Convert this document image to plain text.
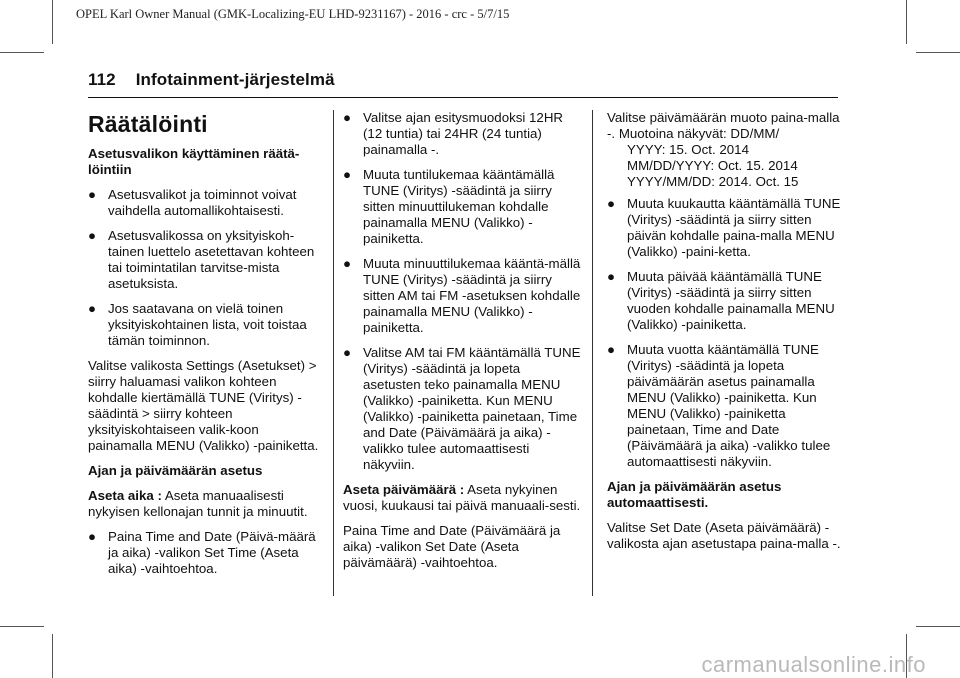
OPEL Karl Owner Manual (GMK-Localizing-EU LHD-9231167) - 2016 - crc - 5/7/15
112 Infotainment-järjestelmä

Räätälöinti

Asetusvalikon käyttäminen räätä-löintiin

● Asetusvalikot ja toiminnot voivat vaihdella automallikohtaisesti.
● Asetusvalikossa on yksityiskoh-tainen luettelo asetettavan kohteen tai toimintatilan tarvitse-mista asetuksista.
● Jos saatavana on vielä toinen yksityiskohtainen lista, voit toistaa tämän toiminnon.

Valitse valikosta Settings (Asetukset) > siirry haluamasi valikon kohteen kohdalle kiertämällä TUNE (Viritys) -säädintä > siirry kohteen yksityiskohtaiseen valik-koon painamalla MENU (Valikko) -painiketta.

Ajan ja päivämäärän asetus

Aseta aika : Aseta manuaalisesti nykyisen kellonajan tunnit ja minuutit.

● Paina Time and Date (Päivä-määrä ja aika) -valikon Set Time (Aseta aika) -vaihtoehtoa.
● Valitse ajan esitysmuodoksi 12HR (12 tuntia) tai 24HR (24 tuntia) painamalla -.
● Muuta tuntilukemaa kääntämällä TUNE (Viritys) -säädintä ja siirry sitten minuuttilukeman kohdalle painamalla MENU (Valikko) -painiketta.
● Muuta minuuttilukemaa kääntä-mällä TUNE (Viritys) -säädintä ja siirry sitten AM tai FM -asetuksen kohdalle painamalla MENU (Valikko) -painiketta.
● Valitse AM tai FM kääntämällä TUNE (Viritys) -säädintä ja lopeta asetusten teko painamalla MENU (Valikko) -painiketta. Kun MENU (Valikko) -painiketta painetaan, Time and Date (Päivämäärä ja aika) -valikko tulee automaattisesti näkyviin.

Aseta päivämäärä : Aseta nykyinen vuosi, kuukausi tai päivä manuaali-sesti.

Paina Time and Date (Päivämäärä ja aika) -valikon Set Date (Aseta päivämäärä) -vaihtoehtoa.

Valitse päivämäärän muoto paina-malla -. Muotoina näkyvät: DD/MM/
YYYY: 15. Oct. 2014
MM/DD/YYYY: Oct. 15. 2014
YYYY/MM/DD: 2014. Oct. 15

● Muuta kuukautta kääntämällä TUNE (Viritys) -säädintä ja siirry sitten päivän kohdalle paina-malla MENU (Valikko) -paini-ketta.
● Muuta päivää kääntämällä TUNE (Viritys) -säädintä ja siirry sitten vuoden kohdalle painamalla MENU (Valikko) -painiketta.
● Muuta vuotta kääntämällä TUNE (Viritys) -säädintä ja lopeta päivämäärän asetus painamalla MENU (Valikko) -painiketta. Kun MENU (Valikko) -painiketta painetaan, Time and Date (Päivämäärä ja aika) -valikko tulee automaattisesti näkyviin.

Ajan ja päivämäärän asetus automaattisesti.

Valitse Set Date (Aseta päivämäärä) -valikosta ajan asetustapa paina-malla -.

carmanualsonline.info
